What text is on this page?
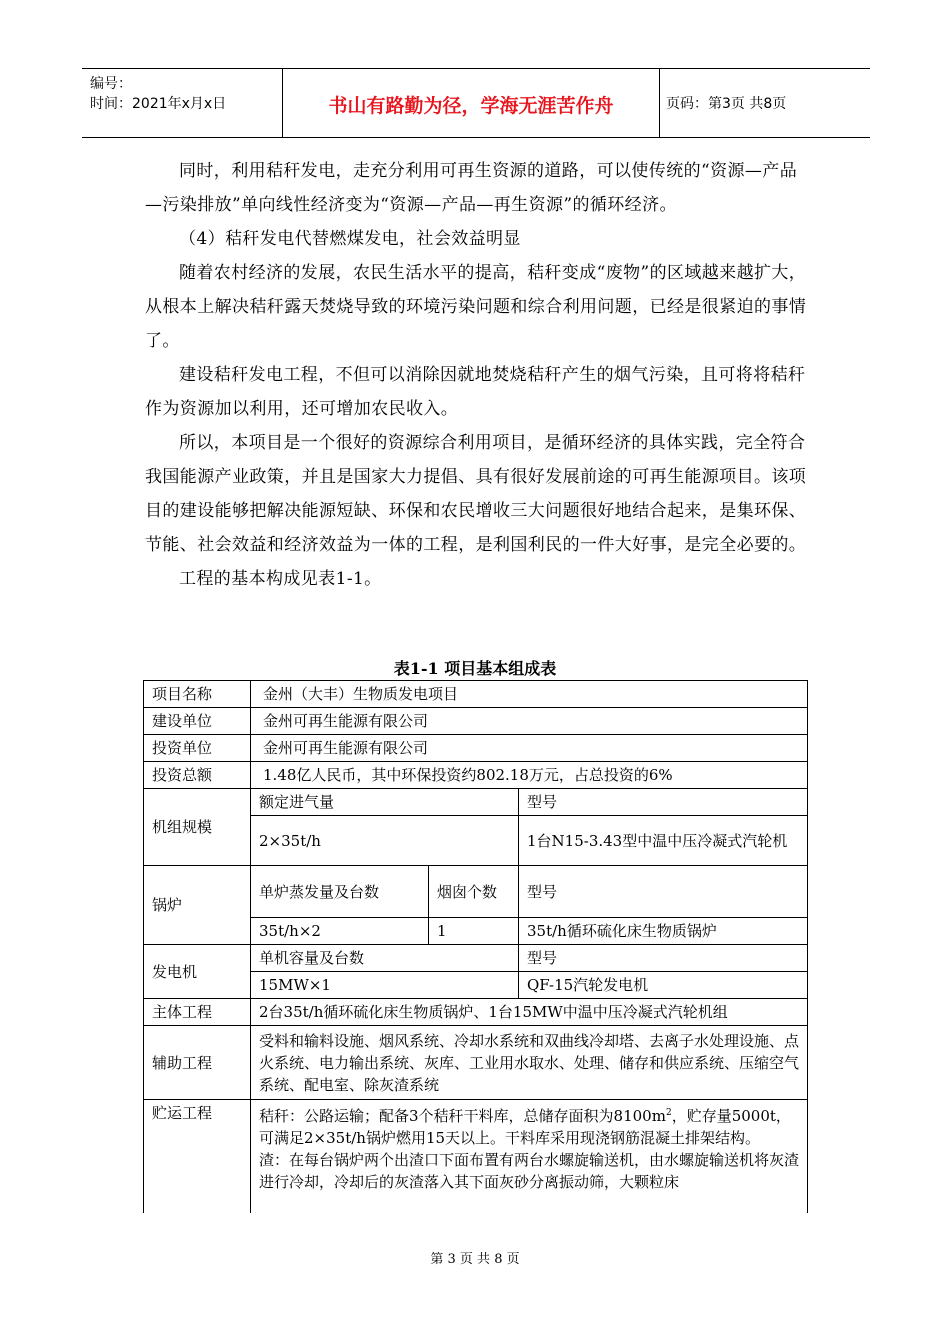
编号：
时间：2021年x月x日	书山有路勤为径，学海无涯苦作舟	页码：第3页 共8页

同时，利用秸秆发电，走充分利用可再生资源的道路，可以使传统的“资源—产品—污染排放”单向线性经济变为“资源—产品—再生资源”的循环经济。

（4）秸秆发电代替燃煤发电，社会效益明显

随着农村经济的发展，农民生活水平的提高，秸秆变成“废物”的区域越来越扩大，从根本上解决秸秆露天焚烧导致的环境污染问题和综合利用问题，已经是很紧迫的事情了。

建设秸秆发电工程，不但可以消除因就地焚烧秸秆产生的烟气污染，且可将将秸秆作为资源加以利用，还可增加农民收入。

所以，本项目是一个很好的资源综合利用项目，是循环经济的具体实践，完全符合我国能源产业政策，并且是国家大力提倡、具有很好发展前途的可再生能源项目。该项目的建设能够把解决能源短缺、环保和农民增收三大问题很好地结合起来，是集环保、节能、社会效益和经济效益为一体的工程，是利国利民的一件大好事，是完全必要的。

工程的基本构成见表1-1。

表1-1 项目基本组成表
项目名称	金州（大丰）生物质发电项目		
建设单位	金州可再生能源有限公司		
投资单位	金州可再生能源有限公司		
投资总额	1.48亿人民币，其中环保投资约802.18万元，占总投资的6%		
机组规模	额定进气量		型号
	2×35t/h		1台N15-3.43型中温中压冷凝式汽轮机
锅炉	单炉蒸发量及台数	烟囱个数	型号
	35t/h×2	1	35t/h循环硫化床生物质锅炉
发电机	单机容量及台数		型号
	15MW×1		QF-15汽轮发电机
主体工程	2台35t/h循环硫化床生物质锅炉、1台15MW中温中压冷凝式汽轮机组		
辅助工程	受料和输料设施、烟风系统、冷却水系统和双曲线冷却塔、去离子水处理设施、点火系统、电力输出系统、灰库、工业用水取水、处理、储存和供应系统、压缩空气系统、配电室、除灰渣系统		
贮运工程	秸秆：公路运输；配备3个秸秆干料库，总储存面积为$8100m^2$，贮存量5000t，可满足2×35t/h锅炉燃用15天以上。干料库采用现浇钢筋混凝土排架结构。
渣：在每台锅炉两个出渣口下面布置有两台水螺旋输送机，由水螺旋输送机将灰渣进行冷却，冷却后的灰渣落入其下面灰砂分离振动筛，大颗粒床		
第 3 页 共 8 页
